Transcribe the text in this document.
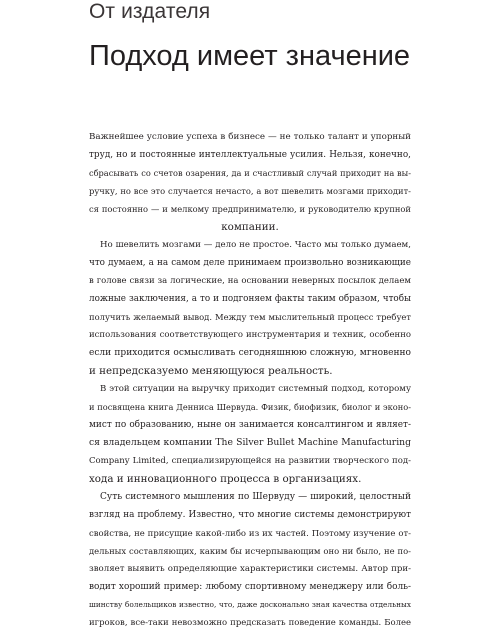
От издателя
Подход имеет значение
Важнейшее условие успеха в бизнесе — не только талант и упорный
труд, но и постоянные интеллектуальные усилия. Нельзя, конечно,
сбрасывать со счетов озарения, да и счастливый случай приходит на вы-
ручку, но все это случается нечасто, а вот шевелить мозгами приходит-
ся постоянно — и мелкому предпринимателю, и руководителю крупной
компании.
Но шевелить мозгами — дело не простое. Часто мы только думаем,
что думаем, а на самом деле принимаем произвольно возникающие
в голове связи за логические, на основании неверных посылок делаем
ложные заключения, а то и подгоняем факты таким образом, чтобы
получить желаемый вывод. Между тем мыслительный процесс требует
использования соответствующего инструментария и техник, особенно
если приходится осмысливать сегодняшнюю сложную, мгновенно
и непредсказуемо меняющуюся реальность.
В этой ситуации на выручку приходит системный подход, которому
и посвящена книга Денниса Шервуда. Физик, биофизик, биолог и эконо-
мист по образованию, ныне он занимается консалтингом и являет-
ся владельцем компании The Silver Bullet Machine Manufacturing
Company Limited, специализирующейся на развитии творческого под-
хода и инновационного процесса в организациях.
Суть системного мышления по Шервуду — широкий, целостный
взгляд на проблему. Известно, что многие системы демонстрируют
свойства, не присущие какой-либо из их частей. Поэтому изучение от-
дельных составляющих, каким бы исчерпывающим оно ни было, не по-
зволяет выявить определяющие характеристики системы. Автор при-
водит хороший пример: любому спортивному менеджеру или боль-
шинству болельщиков известно, что, даже досконально зная качества отдельных
игроков, все-таки невозможно предсказать поведение команды. Более
